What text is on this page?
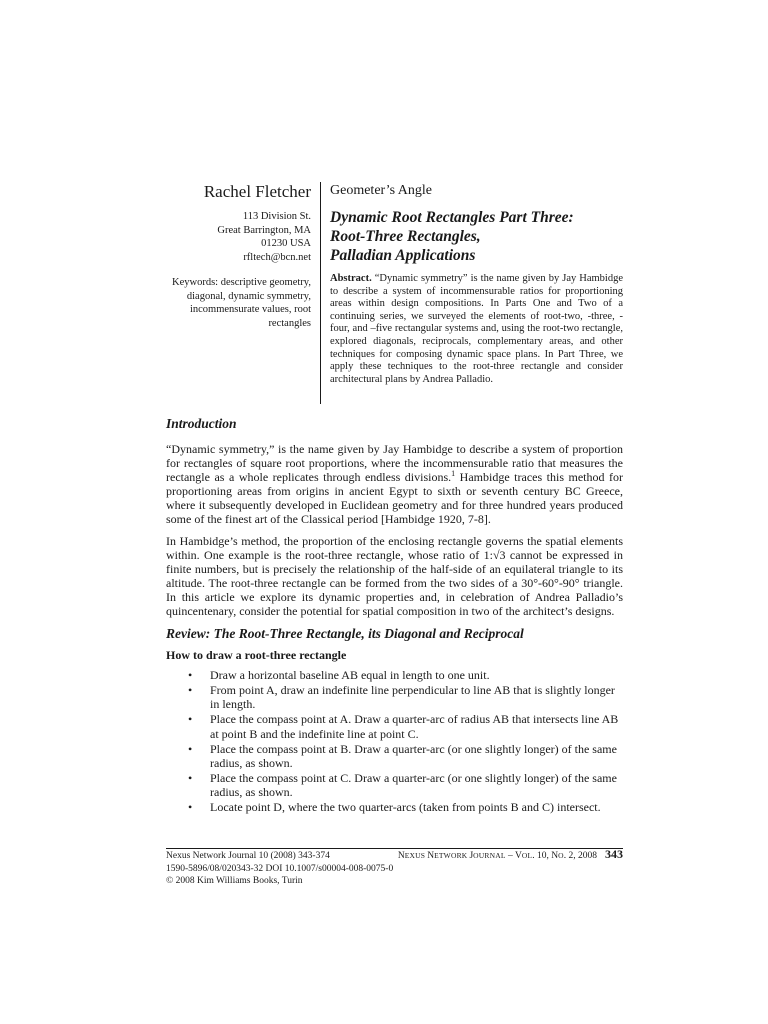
Rachel Fletcher
113 Division St.
Great Barrington, MA
01230 USA
rfltech@bcn.net
Keywords: descriptive geometry, diagonal, dynamic symmetry, incommensurate values, root rectangles
Geometer’s Angle
Dynamic Root Rectangles Part Three:
Root-Three Rectangles,
Palladian Applications
Abstract. “Dynamic symmetry” is the name given by Jay Hambidge to describe a system of incommensurable ratios for proportioning areas within design compositions. In Parts One and Two of a continuing series, we surveyed the elements of root-two, -three, -four, and –five rectangular systems and, using the root-two rectangle, explored diagonals, reciprocals, complementary areas, and other techniques for composing dynamic space plans. In Part Three, we apply these techniques to the root-three rectangle and consider architectural plans by Andrea Palladio.
Introduction

“Dynamic symmetry,” is the name given by Jay Hambidge to describe a system of proportion for rectangles of square root proportions, where the incommensurable ratio that measures the rectangle as a whole replicates through endless divisions.$^1$ Hambidge traces this method for proportioning areas from origins in ancient Egypt to sixth or seventh century BC Greece, where it subsequently developed in Euclidean geometry and for three hundred years produced some of the finest art of the Classical period [Hambidge 1920, 7-8].

In Hambidge’s method, the proportion of the enclosing rectangle governs the spatial elements within. One example is the root-three rectangle, whose ratio of 1:√3 cannot be expressed in finite numbers, but is precisely the relationship of the half-side of an equilateral triangle to its altitude. The root-three rectangle can be formed from the two sides of a 30°-60°-90° triangle. In this article we explore its dynamic properties and, in celebration of Andrea Palladio’s quincentenary, consider the potential for spatial composition in two of the architect’s designs.

Review: The Root-Three Rectangle, its Diagonal and Reciprocal
How to draw a root-three rectangle
• Draw a horizontal baseline AB equal in length to one unit.
• From point A, draw an indefinite line perpendicular to line AB that is slightly longer in length.
• Place the compass point at A. Draw a quarter-arc of radius AB that intersects line AB at point B and the indefinite line at point C.
• Place the compass point at B. Draw a quarter-arc (or one slightly longer) of the same radius, as shown.
• Place the compass point at C. Draw a quarter-arc (or one slightly longer) of the same radius, as shown.
• Locate point D, where the two quarter-arcs (taken from points B and C) intersect.
Nexus Network Journal 10 (2008) 343-374	NEXUS NETWORK JOURNAL – VOL. 10, NO. 2, 2008 343
1590-5896/08/020343-32 DOI 10.1007/s00004-008-0075-0
© 2008 Kim Williams Books, Turin
